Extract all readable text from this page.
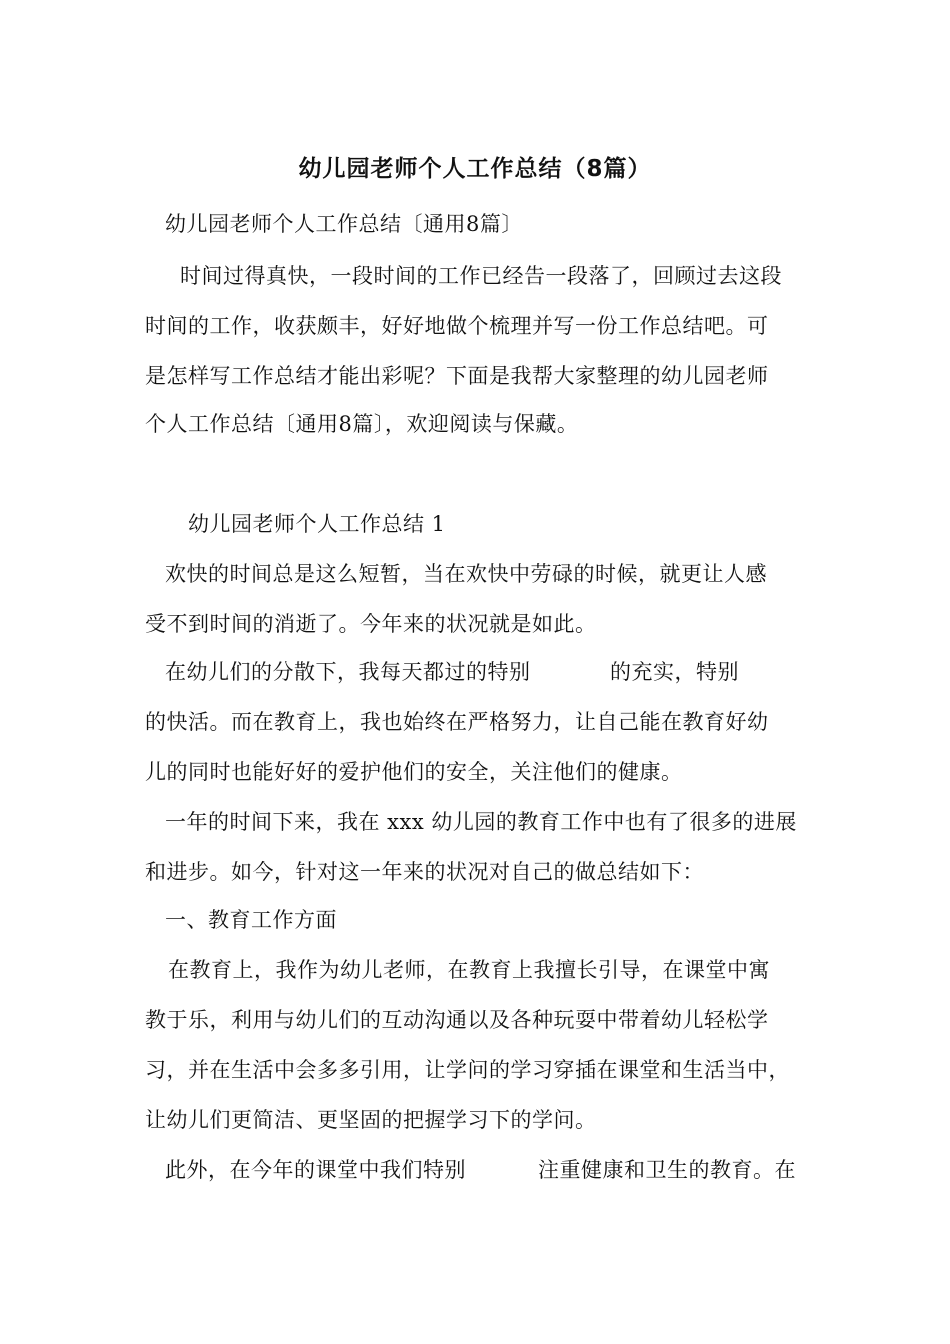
幼儿园老师个人工作总结（8篇）
幼儿园老师个人工作总结〔通用8篇〕
时间过得真快，一段时间的工作已经告一段落了，回顾过去这段
时间的工作，收获颇丰，好好地做个梳理并写一份工作总结吧。可
是怎样写工作总结才能出彩呢？下面是我帮大家整理的幼儿园老师
个人工作总结〔通用8篇〕，欢迎阅读与保藏。
幼儿园老师个人工作总结 1
欢快的时间总是这么短暂，当在欢快中劳碌的时候，就更让人感
受不到时间的消逝了。今年来的状况就是如此。
在幼儿们的分散下，我每天都过的特别	的充实，特别
的快活。而在教育上，我也始终在严格努力，让自己能在教育好幼
儿的同时也能好好的爱护他们的安全，关注他们的健康。
一年的时间下来，我在 xxx 幼儿园的教育工作中也有了很多的进展
和进步。如今，针对这一年来的状况对自己的做总结如下：
一、教育工作方面
在教育上，我作为幼儿老师，在教育上我擅长引导，在课堂中寓
教于乐，利用与幼儿们的互动沟通以及各种玩耍中带着幼儿轻松学
习，并在生活中会多多引用，让学问的学习穿插在课堂和生活当中，
让幼儿们更简洁、更坚固的把握学习下的学问。
此外，在今年的课堂中我们特别	注重健康和卫生的教育。在
